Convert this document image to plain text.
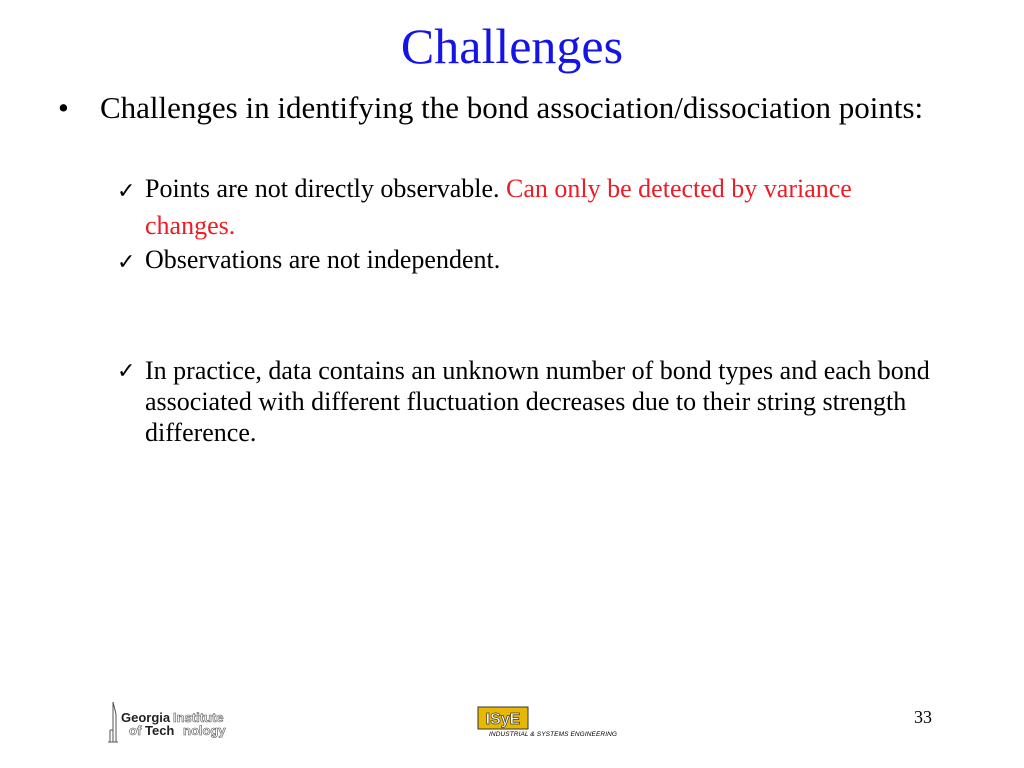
Challenges
• Challenges in identifying the bond association/dissociation points:
✓ Points are not directly observable. Can only be detected by variance changes.
✓ Observations are not independent.
✓ In practice, data contains an unknown number of bond types and each bond associated with different fluctuation decreases due to their string strength difference.
Georgia Institute
of Tech nology
ISyE
INDUSTRIAL & SYSTEMS ENGINEERING
33
